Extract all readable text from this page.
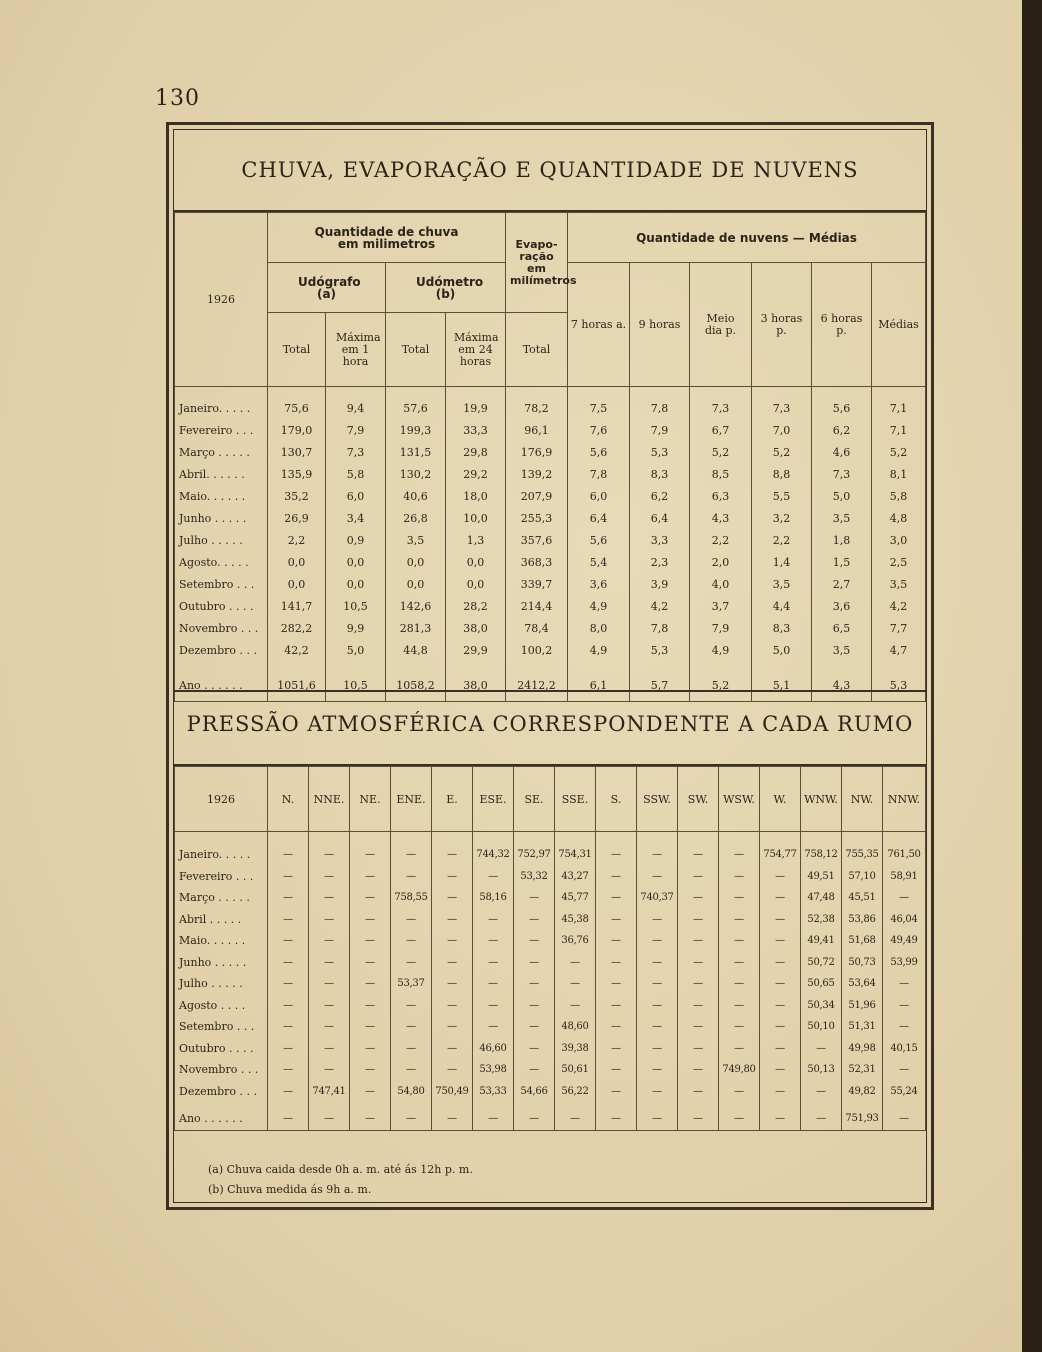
130
CHUVA, EVAPORAÇÃO E QUANTIDADE DE NUVENS
1926	Quantidade de chuva em milimetros				Evapo- ração em milímetros	Quantidade de nuvens — Médias					
	Udógrafo (a)		Udómetro (b)			7 horas a.	9 horas	Meio dia p.	3 horas p.	6 horas p.	Médias
	Total	Máxima em 1 hora	Total	Máxima em 24 horas	Total						

Janeiro. . . . .	75,6	9,4	57,6	19,9	78,2	7,5	7,8	7,3	7,3	5,6	7,1
Fevereiro . . .	179,0	7,9	199,3	33,3	96,1	7,6	7,9	6,7	7,0	6,2	7,1
Março . . . . .	130,7	7,3	131,5	29,8	176,9	5,6	5,3	5,2	5,2	4,6	5,2
Abril. . . . . .	135,9	5,8	130,2	29,2	139,2	7,8	8,3	8,5	8,8	7,3	8,1
Maio. . . . . .	35,2	6,0	40,6	18,0	207,9	6,0	6,2	6,3	5,5	5,0	5,8
Junho . . . . .	26,9	3,4	26,8	10,0	255,3	6,4	6,4	4,3	3,2	3,5	4,8
Julho . . . . .	2,2	0,9	3,5	1,3	357,6	5,6	3,3	2,2	2,2	1,8	3,0
Agosto. . . . .	0,0	0,0	0,0	0,0	368,3	5,4	2,3	2,0	1,4	1,5	2,5
Setembro . . .	0,0	0,0	0,0	0,0	339,7	3,6	3,9	4,0	3,5	2,7	3,5
Outubro . . . .	141,7	10,5	142,6	28,2	214,4	4,9	4,2	3,7	4,4	3,6	4,2
Novembro . . .	282,2	9,9	281,3	38,0	78,4	8,0	7,8	7,9	8,3	6,5	7,7
Dezembro . . .	42,2	5,0	44,8	29,9	100,2	4,9	5,3	4,9	5,0	3,5	4,7

Ano . . . . . .	1051,6	10,5	1058,2	38,0	2412,2	6,1	5,7	5,2	5,1	4,3	5,3
PRESSÃO ATMOSFÉRICA CORRESPONDENTE A CADA RUMO
1926	N.	NNE.	NE.	ENE.	E.	ESE.	SE.	SSE.	S.	SSW.	SW.	WSW.	W.	WNW.	NW.	NNW.

Janeiro. . . . .	—	—	—	—	—	744,32	752,97	754,31	—	—	—	—	754,77	758,12	755,35	761,50
Fevereiro . . .	—	—	—	—	—	—	53,32	43,27	—	—	—	—	—	49,51	57,10	58,91
Março . . . . .	—	—	—	758,55	—	58,16	—	45,77	—	740,37	—	—	—	47,48	45,51	—
Abril . . . . .	—	—	—	—	—	—	—	45,38	—	—	—	—	—	52,38	53,86	46,04
Maio. . . . . .	—	—	—	—	—	—	—	36,76	—	—	—	—	—	49,41	51,68	49,49
Junho . . . . .	—	—	—	—	—	—	—	—	—	—	—	—	—	50,72	50,73	53,99
Julho . . . . .	—	—	—	53,37	—	—	—	—	—	—	—	—	—	50,65	53,64	—
Agosto . . . .	—	—	—	—	—	—	—	—	—	—	—	—	—	50,34	51,96	—
Setembro . . .	—	—	—	—	—	—	—	48,60	—	—	—	—	—	50,10	51,31	—
Outubro . . . .	—	—	—	—	—	46,60	—	39,38	—	—	—	—	—	—	49,98	40,15
Novembro . . .	—	—	—	—	—	53,98	—	50,61	—	—	—	749,80	—	50,13	52,31	—
Dezembro . . .	—	747,41	—	54,80	750,49	53,33	54,66	56,22	—	—	—	—	—	—	49,82	55,24

Ano . . . . . .	—	—	—	—	—	—	—	—	—	—	—	—	—	—	751,93	—
(a) Chuva caida desde 0h a. m. até ás 12h p. m.
(b) Chuva medida ás 9h a. m.
